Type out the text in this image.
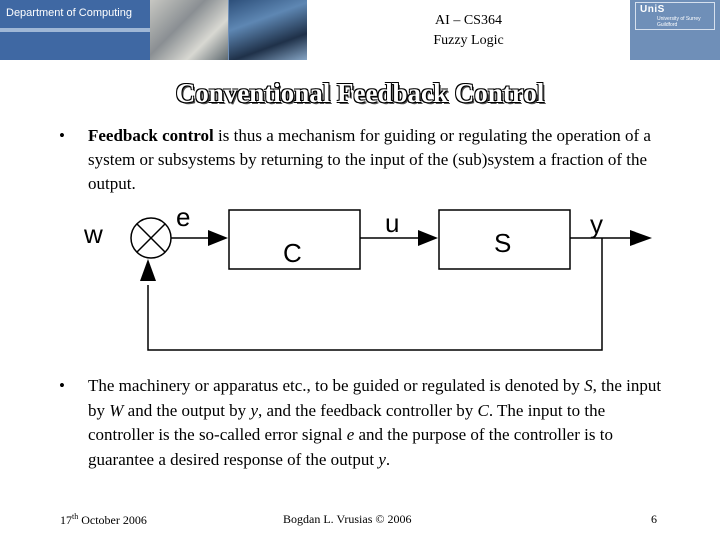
Department of Computing	AI – CS364
Fuzzy Logic
UniS
University of Surrey
Guildford
Conventional Feedback Control
• Feedback control is thus a mechanism for guiding or regulating the operation of a system or subsystems by returning to the input of the (sub)system a fraction of the output.
w
e
C
u
S
y
• The machinery or apparatus etc., to be guided or regulated is denoted by S, the input by W and the output by y, and the feedback controller by C. The input to the controller is the so-called error signal e and the purpose of the controller is to guarantee a desired response of the output y.
17th October 2006	Bogdan L. Vrusias © 2006	6
